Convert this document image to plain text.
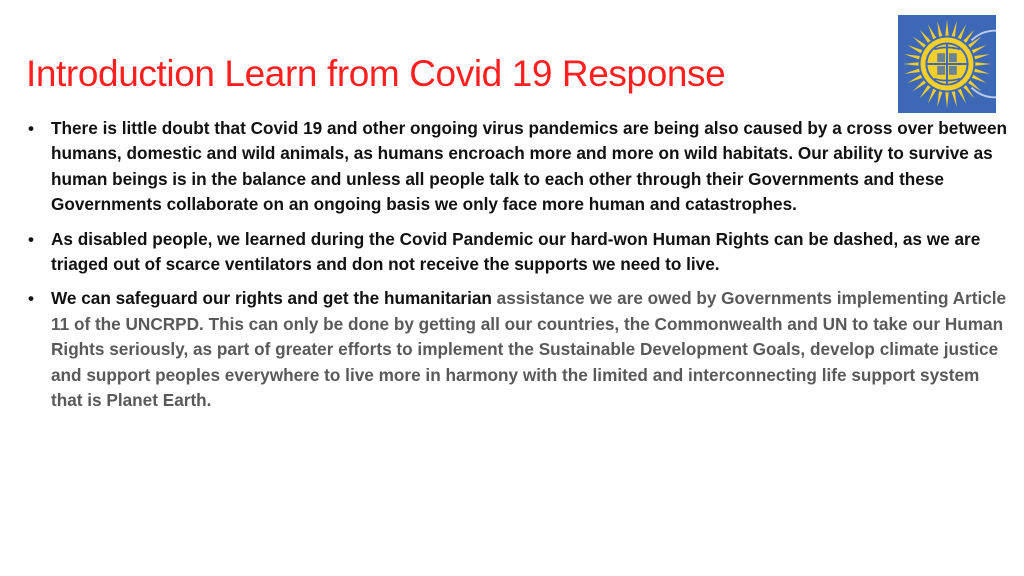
Introduction Learn from Covid 19 Response
• There is little doubt that Covid 19 and other ongoing virus pandemics are being also caused by a cross over between humans, domestic and wild animals, as humans encroach more and more on wild habitats. Our ability to survive as human beings is in the balance and unless all people talk to each other through their Governments and these Governments collaborate on an ongoing basis we only face more human and catastrophes.
• As disabled people, we learned during the Covid Pandemic our hard-won Human Rights can be dashed, as we are triaged out of scarce ventilators and don not receive the supports we need to live.
• We can safeguard our rights and get the humanitarian assistance we are owed by Governments implementing Article 11 of the UNCRPD. This can only be done by getting all our countries, the Commonwealth and UN to take our Human Rights seriously, as part of greater efforts to implement the Sustainable Development Goals, develop climate justice and support peoples everywhere to live more in harmony with the limited and interconnecting life support system that is Planet Earth.
